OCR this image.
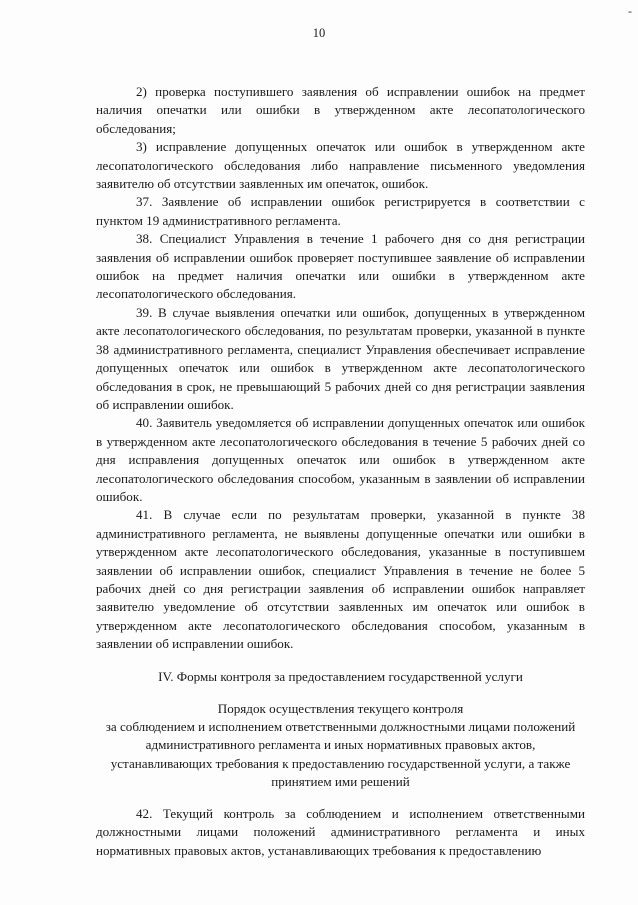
-
10

2) проверка поступившего заявления об исправлении ошибок на предмет наличия опечатки или ошибки в утвержденном акте лесопатологического обследования;

3) исправление допущенных опечаток или ошибок в утвержденном акте лесопатологического обследования либо направление письменного уведомления заявителю об отсутствии заявленных им опечаток, ошибок.

37. Заявление об исправлении ошибок регистрируется в соответствии с пунктом 19 административного регламента.

38. Специалист Управления в течение 1 рабочего дня со дня регистрации заявления об исправлении ошибок проверяет поступившее заявление об исправлении ошибок на предмет наличия опечатки или ошибки в утвержденном акте лесопатологического обследования.

39. В случае выявления опечатки или ошибок, допущенных в утвержденном акте лесопатологического обследования, по результатам проверки, указанной в пункте 38 административного регламента, специалист Управления обеспечивает исправление допущенных опечаток или ошибок в утвержденном акте лесопатологического обследования в срок, не превышающий 5 рабочих дней со дня регистрации заявления об исправлении ошибок.

40. Заявитель уведомляется об исправлении допущенных опечаток или ошибок в утвержденном акте лесопатологического обследования в течение 5 рабочих дней со дня исправления допущенных опечаток или ошибок в утвержденном акте лесопатологического обследования способом, указанным в заявлении об исправлении ошибок.

41. В случае если по результатам проверки, указанной в пункте 38 административного регламента, не выявлены допущенные опечатки или ошибки в утвержденном акте лесопатологического обследования, указанные в поступившем заявлении об исправлении ошибок, специалист Управления в течение не более 5 рабочих дней со дня регистрации заявления об исправлении ошибок направляет заявителю уведомление об отсутствии заявленных им опечаток или ошибок в утвержденном акте лесопатологического обследования способом, указанным в заявлении об исправлении ошибок.

IV. Формы контроля за предоставлением государственной услуги
Порядок осуществления текущего контроля
за соблюдением и исполнением ответственными должностными лицами положений административного регламента и иных нормативных правовых актов, устанавливающих требования к предоставлению государственной услуги, а также принятием ими решений

42. Текущий контроль за соблюдением и исполнением ответственными должностными лицами положений административного регламента и иных нормативных правовых актов, устанавливающих требования к предоставлению
